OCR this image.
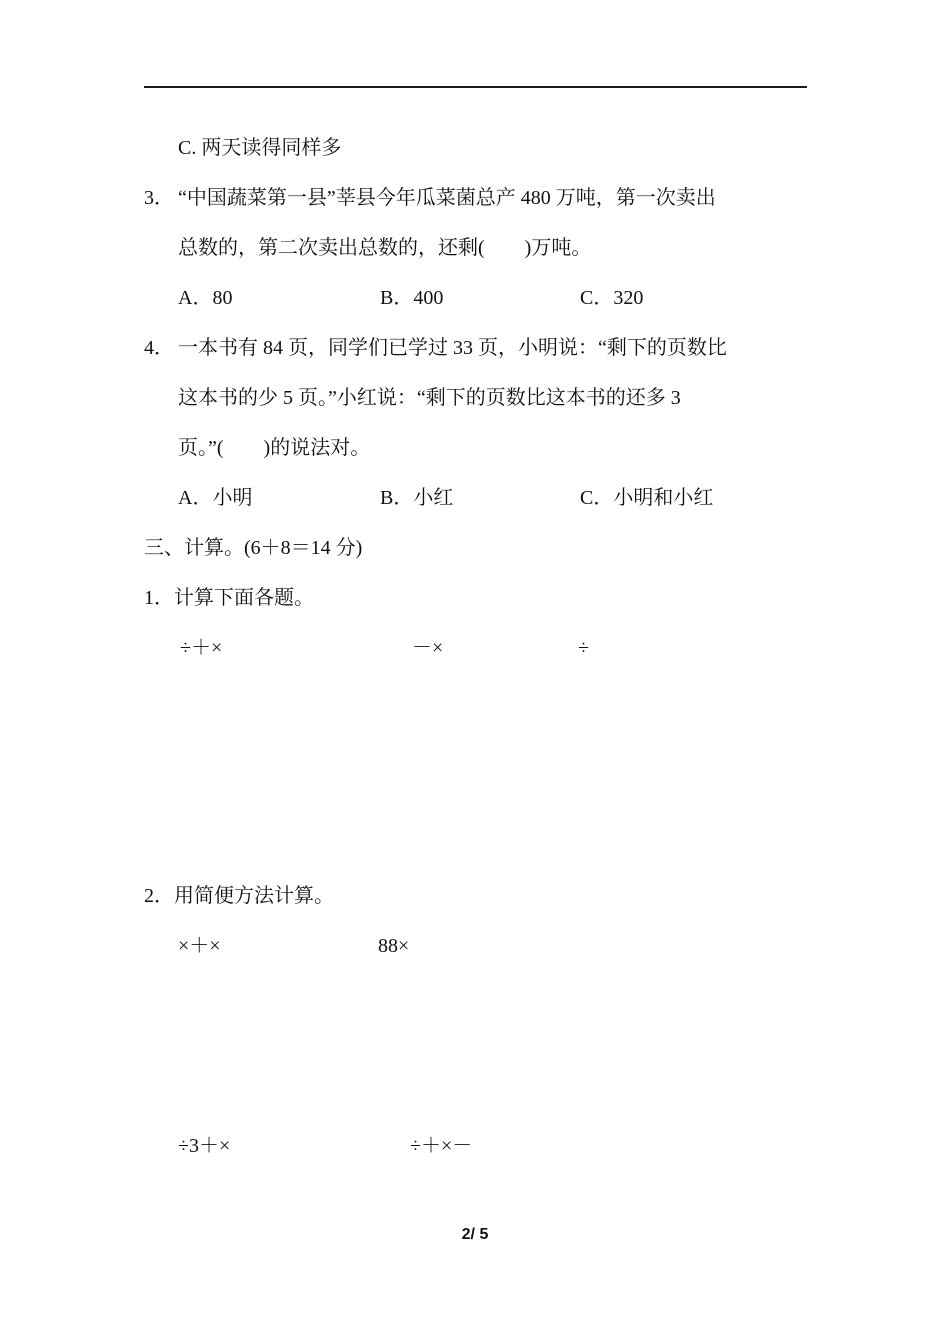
C. 两天读得同样多
3． “中国蔬菜第一县”莘县今年瓜菜菌总产 480 万吨，第一次卖出
总数的，第二次卖出总数的，还剩(　　)万吨。
A．80	B．400	C．320
4． 一本书有 84 页，同学们已学过 33 页，小明说：“剩下的页数比
这本书的少 5 页。”小红说：“剩下的页数比这本书的还多 3
页。”(　　)的说法对。
A．小明	B．小红	C．小明和小红
三、计算。(6＋8＝14 分)
1．计算下面各题。
÷＋×	－×	÷
2．用简便方法计算。
×＋×	88×
÷3＋×	÷＋×－
2/ 5
